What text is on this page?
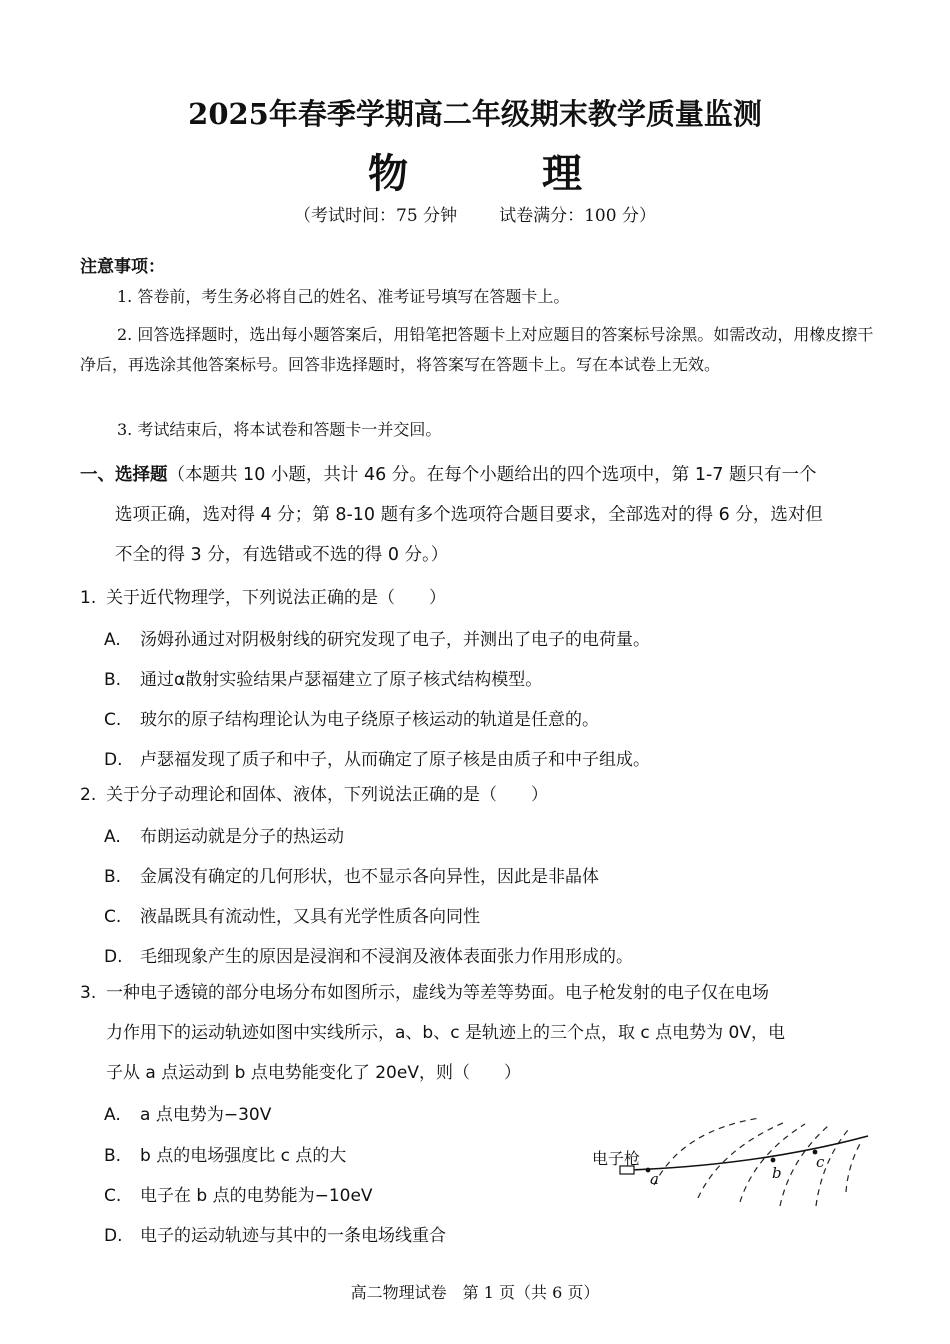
2025年春季学期高二年级期末教学质量监测
物 理
（考试时间：75 分钟 试卷满分：100 分）
注意事项：

1. 答卷前，考生务必将自己的姓名、准考证号填写在答题卡上。

2. 回答选择题时，选出每小题答案后，用铅笔把答题卡上对应题目的答案标号涂黑。如需改动，用橡皮擦干净后，再选涂其他答案标号。回答非选择题时，将答案写在答题卡上。写在本试卷上无效。

3. 考试结束后，将本试卷和答题卡一并交回。

一、选择题（本题共 10 小题，共计 46 分。在每个小题给出的四个选项中，第 1-7 题只有一个
选项正确，选对得 4 分；第 8-10 题有多个选项符合题目要求，全部选对的得 6 分，选对但
不全的得 3 分，有选错或不选的得 0 分。）
1. 关于近代物理学，下列说法正确的是（　　）
A. 汤姆孙通过对阴极射线的研究发现了电子，并测出了电子的电荷量。
B. 通过α散射实验结果卢瑟福建立了原子核式结构模型。
C. 玻尔的原子结构理论认为电子绕原子核运动的轨道是任意的。
D. 卢瑟福发现了质子和中子，从而确定了原子核是由质子和中子组成。
2. 关于分子动理论和固体、液体，下列说法正确的是（　　）
A. 布朗运动就是分子的热运动
B. 金属没有确定的几何形状，也不显示各向异性，因此是非晶体
C. 液晶既具有流动性，又具有光学性质各向同性
D. 毛细现象产生的原因是浸润和不浸润及液体表面张力作用形成的。
3. 一种电子透镜的部分电场分布如图所示，虚线为等差等势面。电子枪发射的电子仅在电场
力作用下的运动轨迹如图中实线所示，a、b、c 是轨迹上的三个点，取 c 点电势为 0V，电
子从 a 点运动到 b 点电势能变化了 20eV，则（　　）
A. a 点电势为−30V
B. b 点的电场强度比 c 点的大
C. 电子在 b 点的电势能为−10eV
D. 电子的运动轨迹与其中的一条电场线重合
电子枪
a	b
c
高二物理试卷　第 1 页（共 6 页）
